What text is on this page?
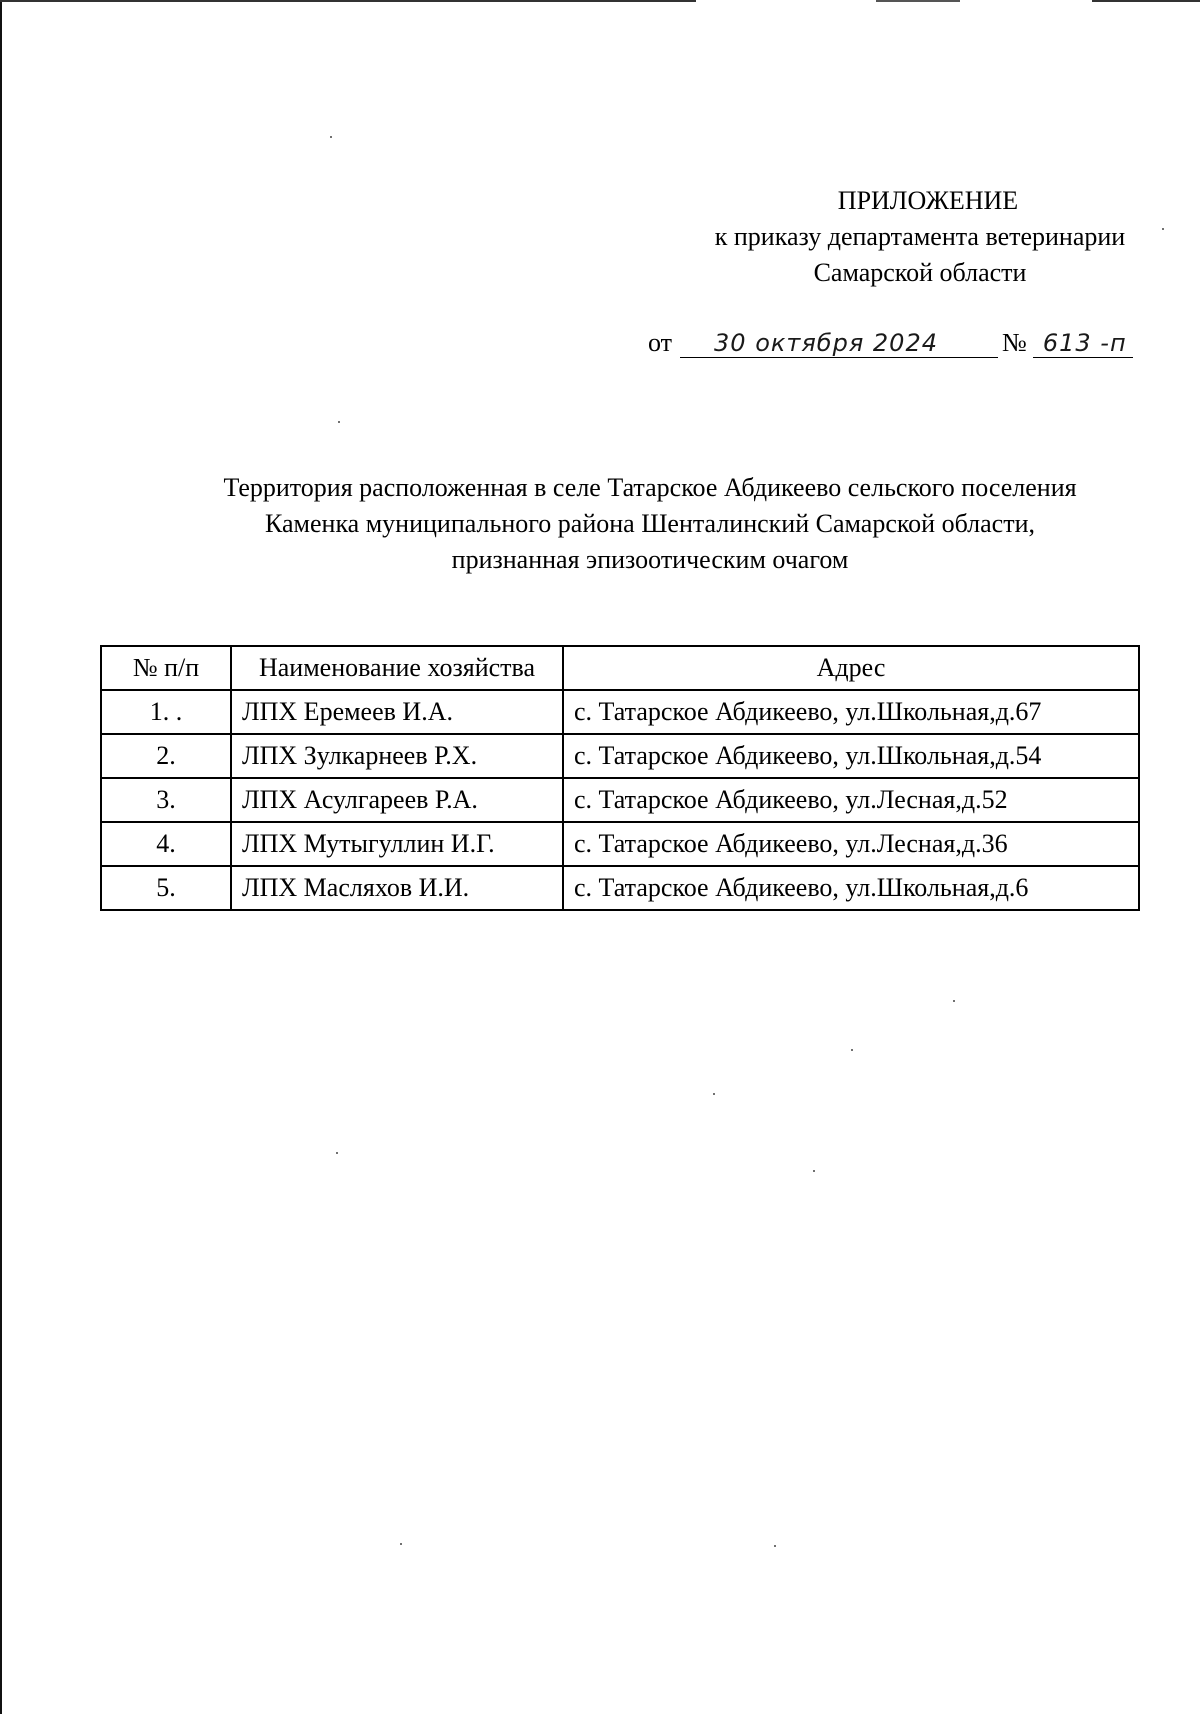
ПРИЛОЖЕНИЕ
к приказу департамента ветеринарии
Самарской области
от	30 октября 2024	№ 613 -п
Территория расположенная в селе Татарское Абдикеево сельского поселения
Каменка муниципального района Шенталинский Самарской области,
признанная эпизоотическим очагом
№ п/п	Наименование хозяйства	Адрес
1. .	ЛПХ Еремеев И.А.	с. Татарское Абдикеево, ул.Школьная,д.67
2.	ЛПХ Зулкарнеев Р.Х.	с. Татарское Абдикеево, ул.Школьная,д.54
3.	ЛПХ Асулгареев Р.А.	с. Татарское Абдикеево, ул.Лесная,д.52
4.	ЛПХ Мутыгуллин И.Г.	с. Татарское Абдикеево, ул.Лесная,д.36
5.	ЛПХ Масляхов И.И.	с. Татарское Абдикеево, ул.Школьная,д.6
